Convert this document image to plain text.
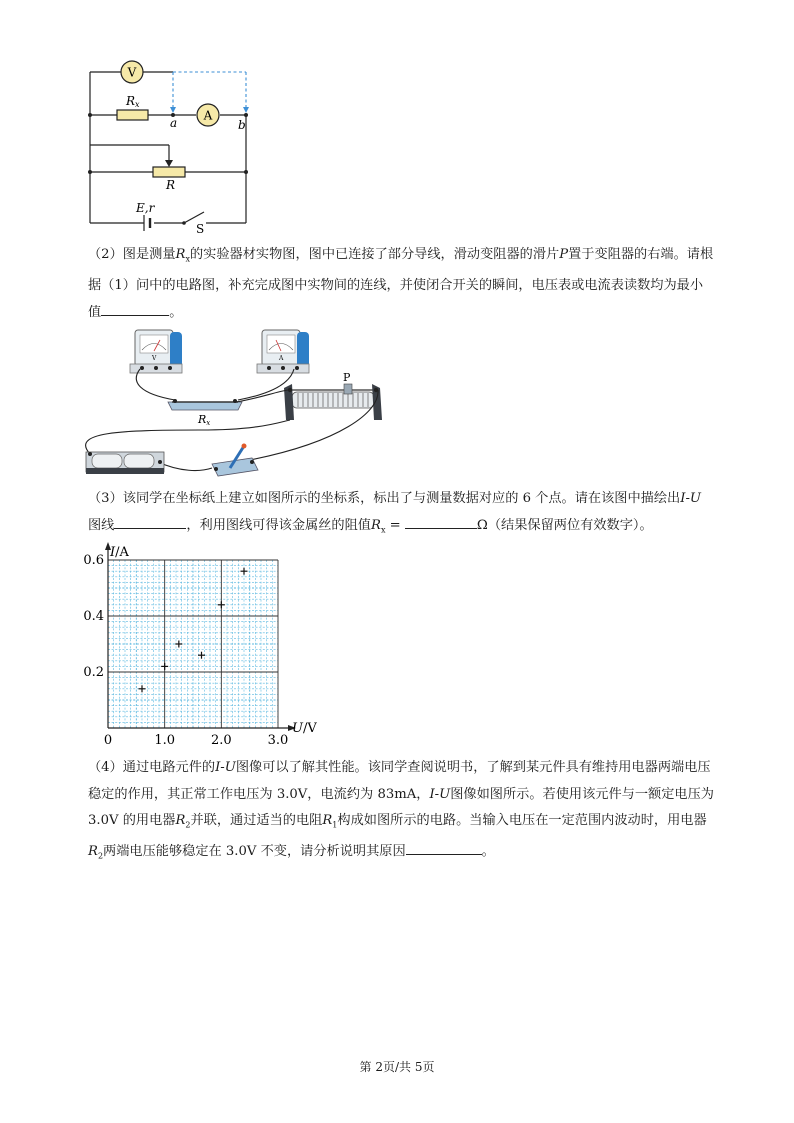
V
A
Rx
a	b
R
E,r
S
（2）图是测量$R_x$的实验器材实物图，图中已连接了部分导线，滑动变阻器的滑片P置于变阻器的右端。请根据（1）问中的电路图，补充完成图中实物间的连线，并使闭合开关的瞬间，电压表或电流表读数均为最小值	。
V	A
Rx
P
（3）该同学在坐标纸上建立如图所示的坐标系，标出了与测量数据对应的 6 个点。请在该图中描绘出I-U
图线	，利用图线可得该金属丝的阻值$R_x$ =	Ω（结果保留两位有效数字）。
0	1.0	2.0	3.0
0.2
0.4
0.6
I/A
U/V
（4）通过电路元件的I-U图像可以了解其性能。该同学查阅说明书，了解到某元件具有维持用电器两端电压稳定的作用，其正常工作电压为 3.0V，电流约为 83mA，I-U图像如图所示。若使用该元件与一额定电压为 3.0V 的用电器$R_2$并联，通过适当的电阻$R_1$构成如图所示的电路。当输入电压在一定范围内波动时，用电器$R_2$两端电压能够稳定在 3.0V 不变，请分析说明其原因	。
第 2页/共 5页
